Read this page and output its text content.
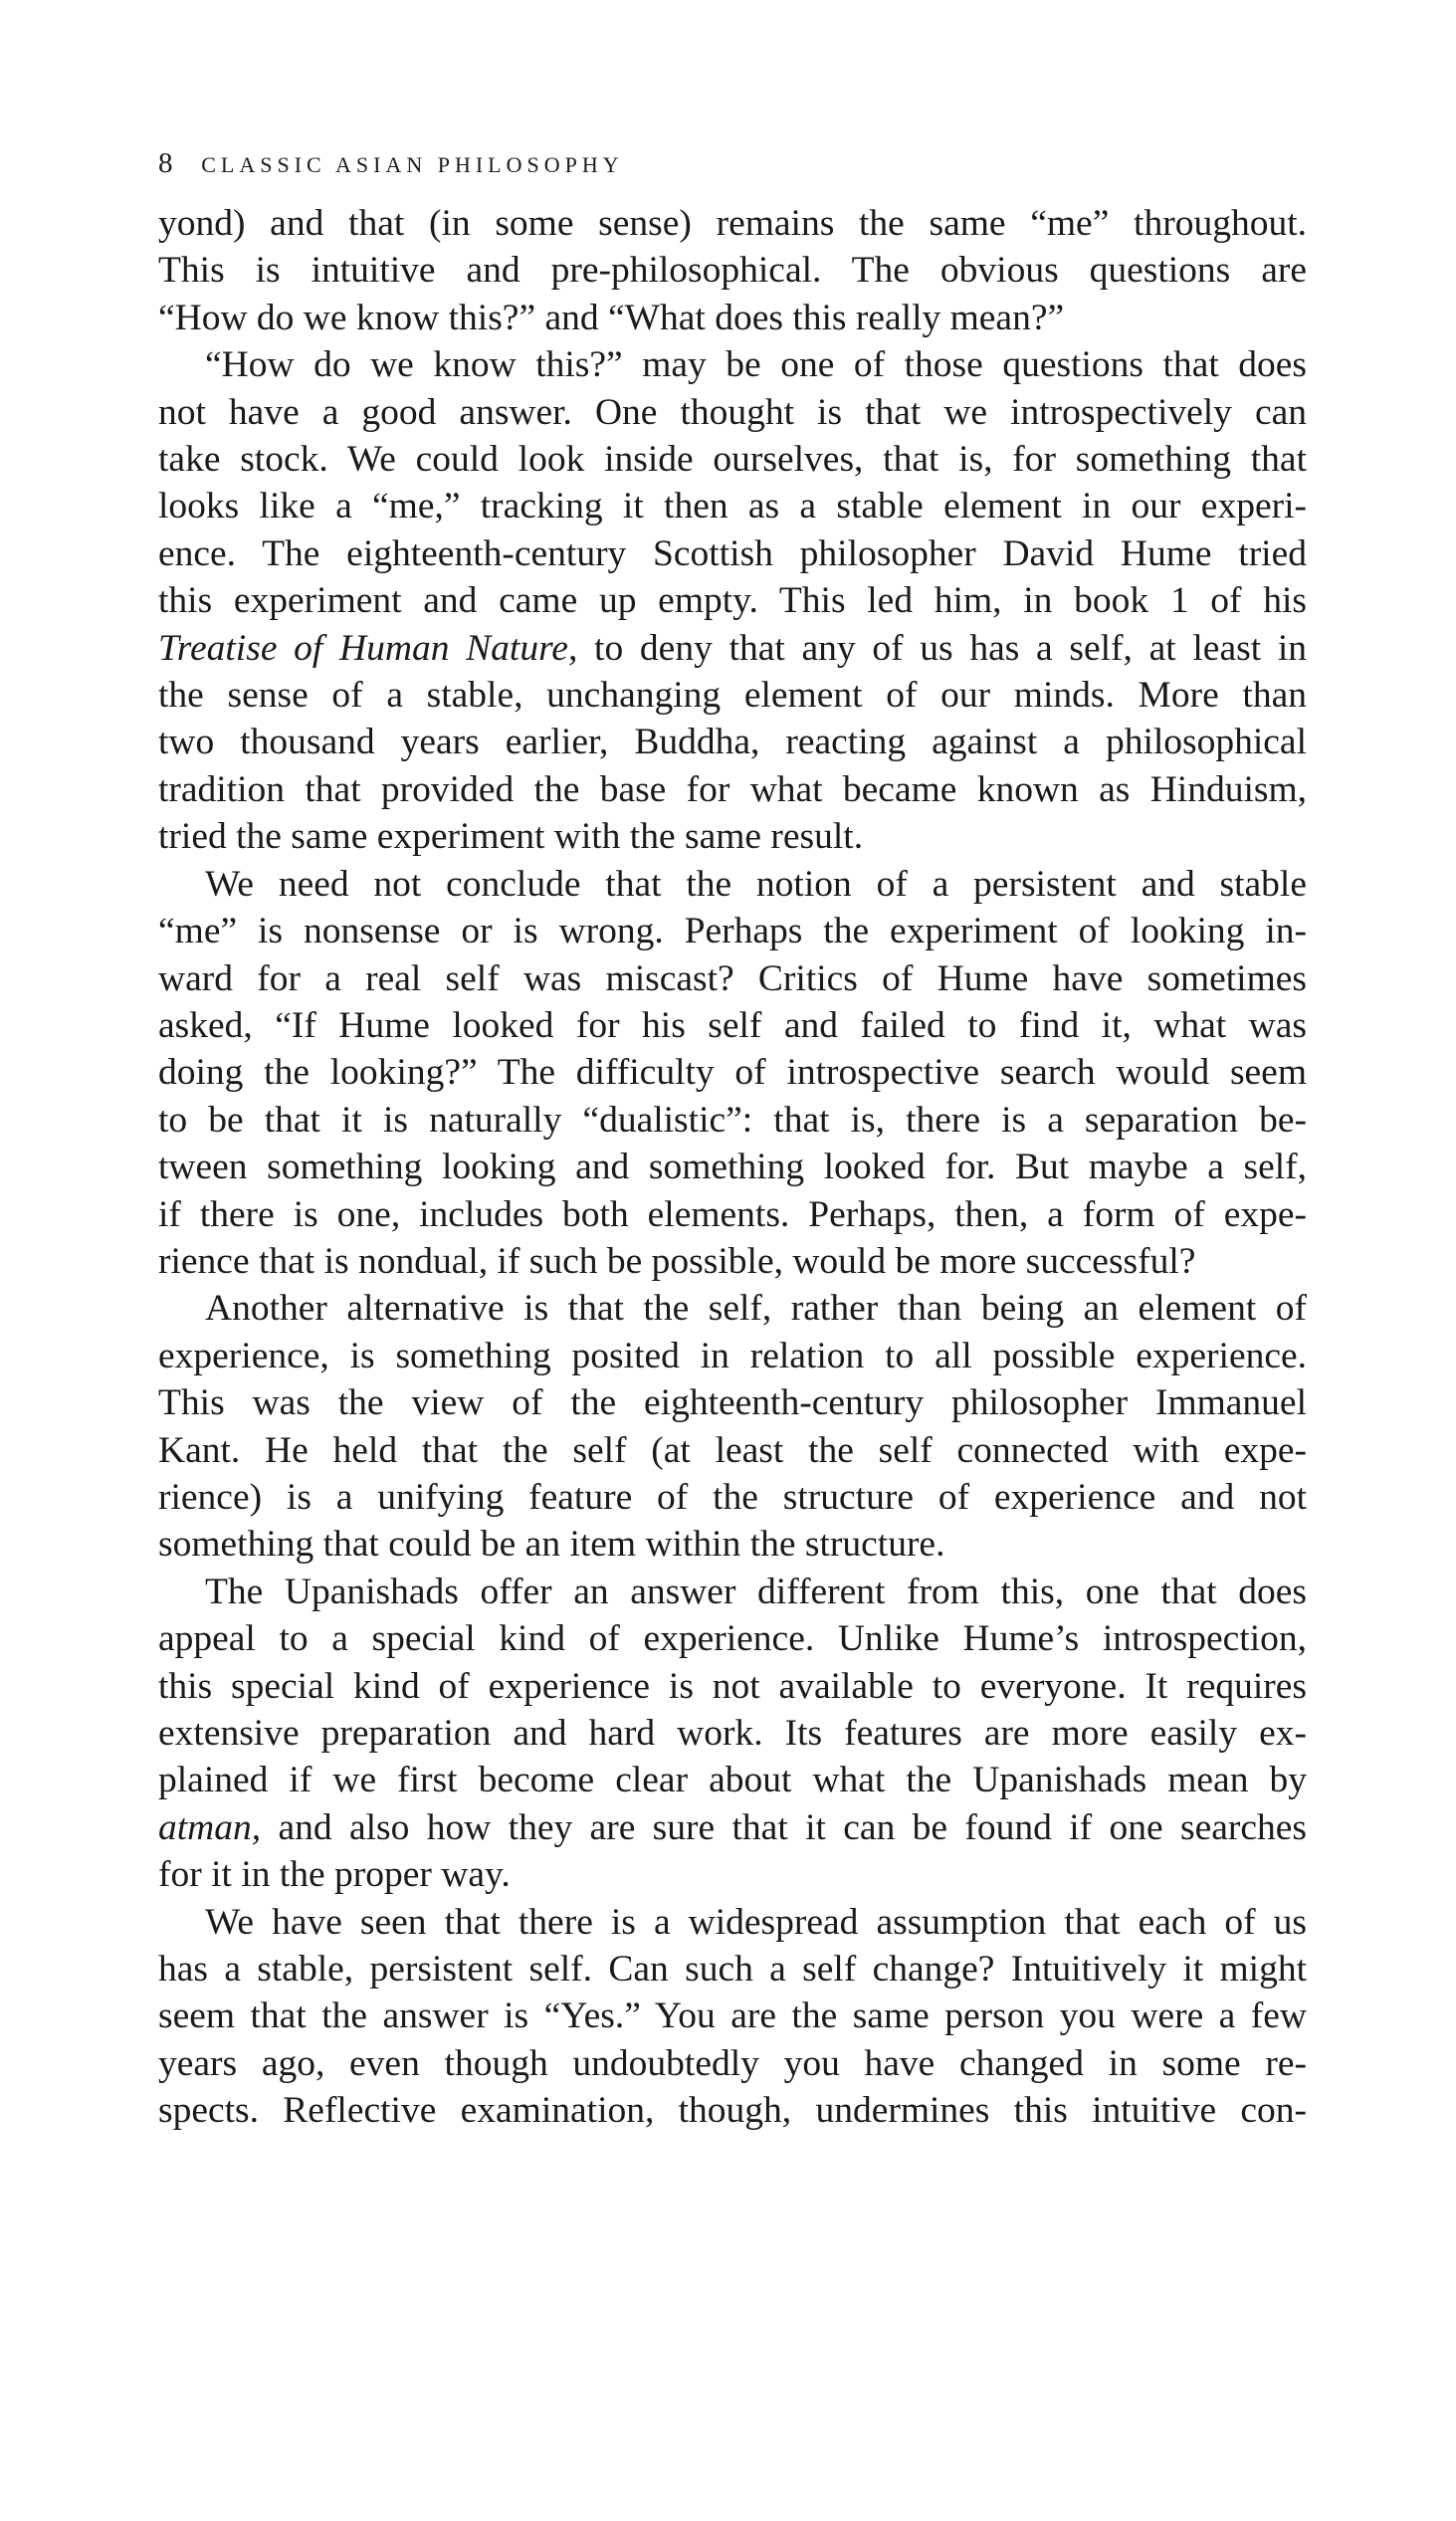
8 CLASSIC ASIAN PHILOSOPHY
yond) and that (in some sense) remains the same “me” throughout.
This is intuitive and pre-philosophical. The obvious questions are
“How do we know this?” and “What does this really mean?”
“How do we know this?” may be one of those questions that does
not have a good answer. One thought is that we introspectively can
take stock. We could look inside ourselves, that is, for something that
looks like a “me,” tracking it then as a stable element in our experi-
ence. The eighteenth-century Scottish philosopher David Hume tried
this experiment and came up empty. This led him, in book 1 of his
Treatise of Human Nature, to deny that any of us has a self, at least in
the sense of a stable, unchanging element of our minds. More than
two thousand years earlier, Buddha, reacting against a philosophical
tradition that provided the base for what became known as Hinduism,
tried the same experiment with the same result.
We need not conclude that the notion of a persistent and stable
“me” is nonsense or is wrong. Perhaps the experiment of looking in-
ward for a real self was miscast? Critics of Hume have sometimes
asked, “If Hume looked for his self and failed to find it, what was
doing the looking?” The difficulty of introspective search would seem
to be that it is naturally “dualistic”: that is, there is a separation be-
tween something looking and something looked for. But maybe a self,
if there is one, includes both elements. Perhaps, then, a form of expe-
rience that is nondual, if such be possible, would be more successful?
Another alternative is that the self, rather than being an element of
experience, is something posited in relation to all possible experience.
This was the view of the eighteenth-century philosopher Immanuel
Kant. He held that the self (at least the self connected with expe-
rience) is a unifying feature of the structure of experience and not
something that could be an item within the structure.
The Upanishads offer an answer different from this, one that does
appeal to a special kind of experience. Unlike Hume’s introspection,
this special kind of experience is not available to everyone. It requires
extensive preparation and hard work. Its features are more easily ex-
plained if we first become clear about what the Upanishads mean by
atman, and also how they are sure that it can be found if one searches
for it in the proper way.
We have seen that there is a widespread assumption that each of us
has a stable, persistent self. Can such a self change? Intuitively it might
seem that the answer is “Yes.” You are the same person you were a few
years ago, even though undoubtedly you have changed in some re-
spects. Reflective examination, though, undermines this intuitive con-
